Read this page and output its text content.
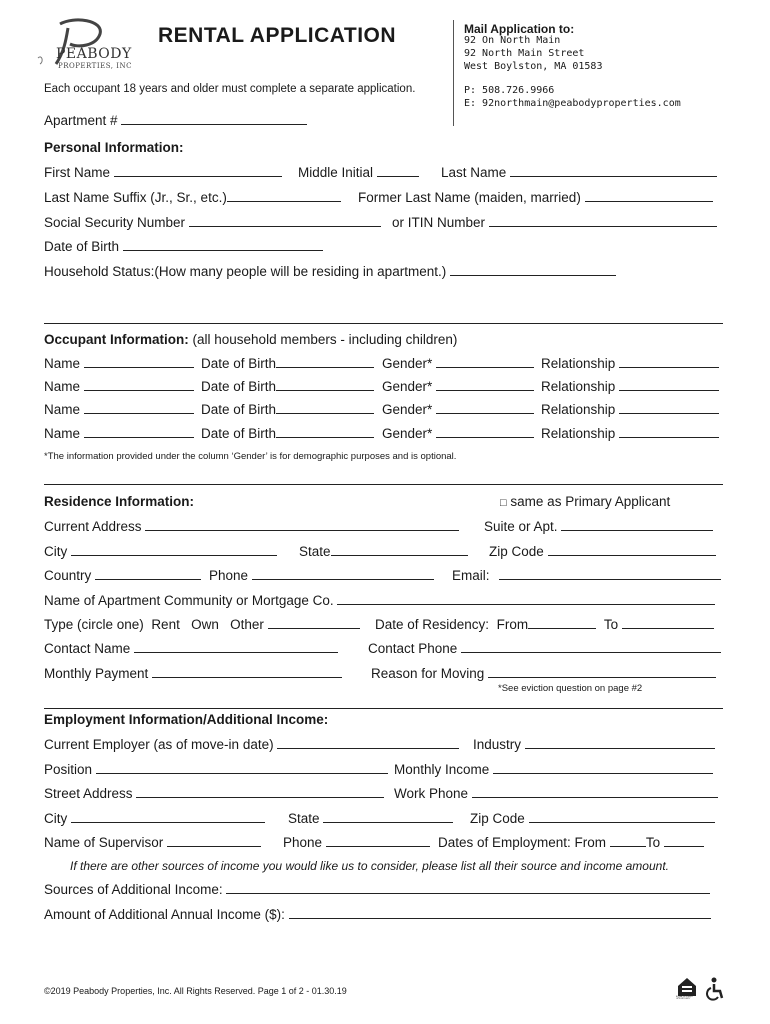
PEABODY
PROPERTIES, INC
RENTAL APPLICATION
Each occupant 18 years and older must complete a separate application.
Mail Application to:
92 On North Main
92 North Main Street
West Boylston, MA 01583
P: 508.726.9966
E: 92northmain@peabodyproperties.com
Apartment #
Personal Information:
First Name	Middle Initial	Last Name
Last Name Suffix (Jr., Sr., etc.)	Former Last Name (maiden, married)
Social Security Number	or ITIN Number
Date of Birth
Household Status:(How many people will be residing in apartment.)
Occupant Information: (all household members - including children)
Name	Date of Birth	Gender*	Relationship
Name	Date of Birth	Gender*	Relationship
Name	Date of Birth	Gender*	Relationship
Name	Date of Birth	Gender*	Relationship
*The information provided under the column ‘Gender’ is for demographic purposes and is optional.
Residence Information:	□ same as Primary Applicant
Current Address	Suite or Apt.
City	State	Zip Code
Country	Phone	Email:
Name of Apartment Community or Mortgage Co.
Type (circle one) Rent Own Other	Date of Residency: From	To
Contact Name	Contact Phone
Monthly Payment	Reason for Moving
*See eviction question on page #2
Employment Information/Additional Income:
Current Employer (as of move-in date)	Industry
Position	Monthly Income
Street Address	Work Phone
City	State	Zip Code
Name of Supervisor	Phone	Dates of Employment: From	To
If there are other sources of income you would like us to consider, please list all their source and income amount.
Sources of Additional Income:
Amount of Additional Annual Income ($):
©2019 Peabody Properties, Inc. All Rights Reserved. Page 1 of 2 - 01.30.19
EQUAL HOUSING OPPORTUNITY
